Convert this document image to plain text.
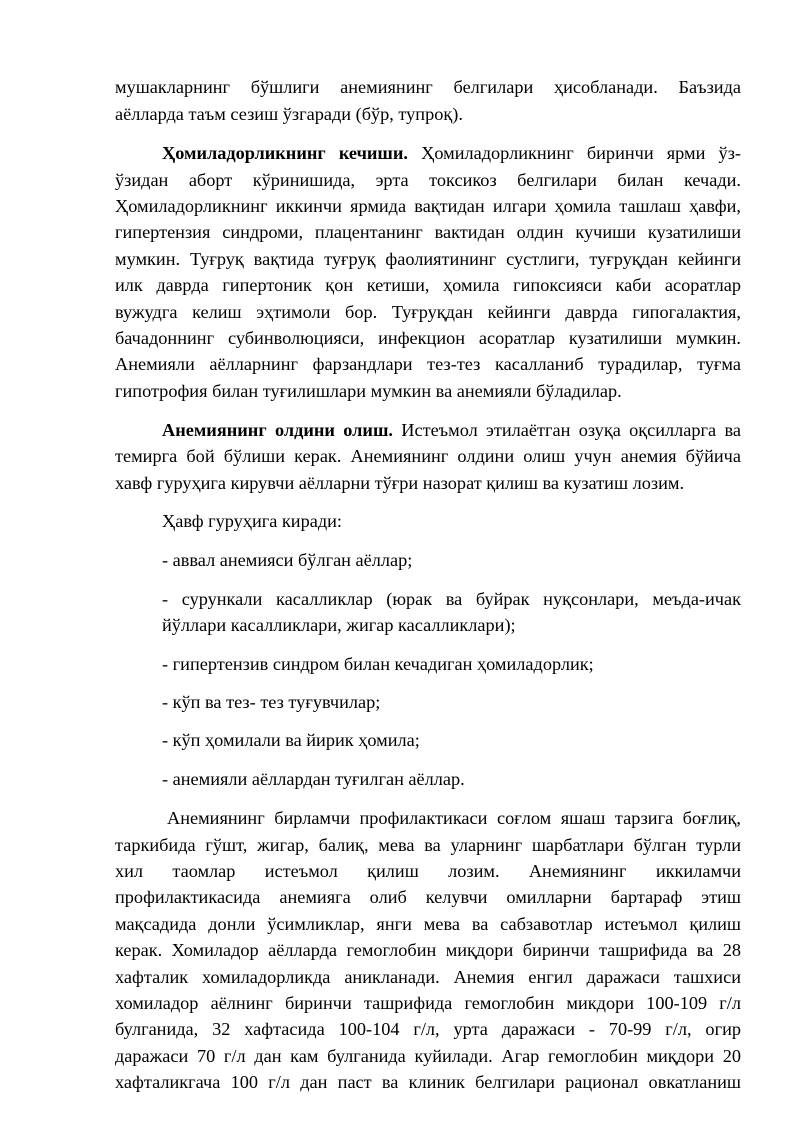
мушакларнинг бўшлиги анемиянинг белгилари ҳисобланади. Баъзида

аёлларда таъм сезиш ўзгаради (бўр, тупроқ).

Ҳомиладорликнинг кечиши. Ҳомиладорликнинг биринчи ярми ўз-

ўзидан аборт кўринишида, эрта токсикоз белгилари билан кечади.

Ҳомиладорликнинг иккинчи ярмида вақтидан илгари ҳомила ташлаш ҳавфи,

гипертензия синдроми, плацентанинг вактидан олдин кучиши кузатилиши

мумкин. Туғруқ вақтида туғруқ фаолиятининг сустлиги, туғруқдан кейинги

илк даврда гипертоник қон кетиши, ҳомила гипоксияси каби асоратлар

вужудга келиш эҳтимоли бор. Туғруқдан кейинги даврда гипогалактия,

бачадоннинг субинволюцияси, инфекцион асоратлар кузатилиши мумкин.

Анемияли аёлларнинг фарзандлари тез-тез касалланиб турадилар, туғма

гипотрофия билан туғилишлари мумкин ва анемияли бўладилар.

Анемиянинг олдини олиш. Истеъмол этилаётган озуқа оқсилларга ва

темирга бой бўлиши керак. Анемиянинг олдини олиш учун анемия бўйича

хавф гуруҳига кирувчи аёлларни тўғри назорат қилиш ва кузатиш лозим.

Ҳавф гуруҳига киради:

- аввал анемияси бўлган аёллар;

- сурункали касалликлар (юрак ва буйрак нуқсонлари, меъда-ичак

йўллари касалликлари, жигар касалликлари);

- гипертензив синдром билан кечадиган ҳомиладорлик;

- кўп ва тез- тез туғувчилар;

- кўп ҳомилали ва йирик ҳомила;

- анемияли аёллардан туғилган аёллар.

Анемиянинг бирламчи профилактикаси соғлом яшаш тарзига боғлиқ,

таркибида гўшт, жигар, балиқ, мева ва уларнинг шарбатлари бўлган турли

хил таомлар истеъмол қилиш лозим. Анемиянинг иккиламчи

профилактикасида анемияга олиб келувчи омилларни бартараф этиш

мақсадида донли ўсимликлар, янги мева ва сабзавотлар истеъмол қилиш

керак. Хомиладор аёлларда гемоглобин миқдори биринчи ташрифида ва 28

хафталик хомиладорликда аникланади. Анемия енгил даражаси ташхиси

хомиладор аёлнинг биринчи ташрифида гемоглобин микдори 100-109 г/л

булганида, 32 хафтасида 100-104 г/л, урта даражаси - 70-99 г/л, огир

даражаси 70 г/л дан кам булганида куйилади. Агар гемоглобин миқдори 20

хафталикгача 100 г/л дан паст ва клиник белгилари рационал овкатланиш
